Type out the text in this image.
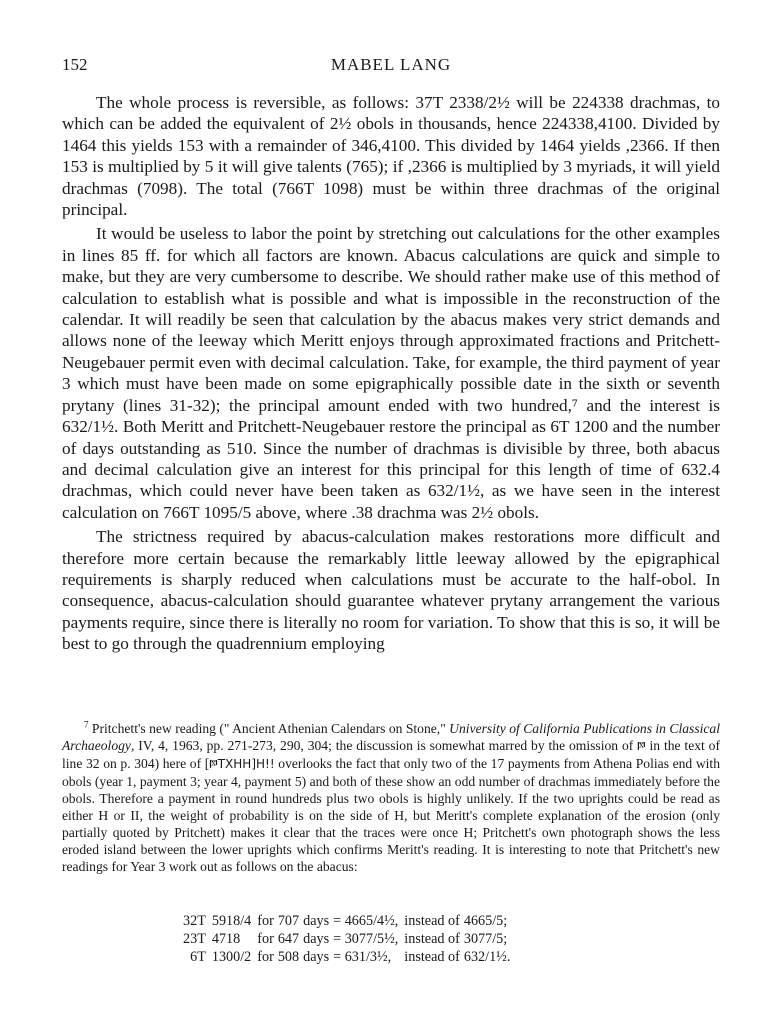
152	MABEL LANG

The whole process is reversible, as follows: 37T 2338/2½ will be 224338 drachmas, to which can be added the equivalent of 2½ obols in thousands, hence 224338,4100. Divided by 1464 this yields 153 with a remainder of 346,4100. This divided by 1464 yields ,2366. If then 153 is multiplied by 5 it will give talents (765); if ,2366 is multiplied by 3 myriads, it will yield drachmas (7098). The total (766T 1098) must be within three drachmas of the original principal.

It would be useless to labor the point by stretching out calculations for the other examples in lines 85 ff. for which all factors are known. Abacus calculations are quick and simple to make, but they are very cumbersome to describe. We should rather make use of this method of calculation to establish what is possible and what is impossible in the reconstruction of the calendar. It will readily be seen that calculation by the abacus makes very strict demands and allows none of the leeway which Meritt enjoys through approximated fractions and Pritchett-Neugebauer permit even with decimal calculation. Take, for example, the third payment of year 3 which must have been made on some epigraphically possible date in the sixth or seventh prytany (lines 31-32); the principal amount ended with two hundred,⁷ and the interest is 632/1½. Both Meritt and Pritchett-Neugebauer restore the principal as 6T 1200 and the number of days outstanding as 510. Since the number of drachmas is divisible by three, both abacus and decimal calculation give an interest for this principal for this length of time of 632.4 drachmas, which could never have been taken as 632/1½, as we have seen in the interest calculation on 766T 1095/5 above, where .38 drachma was 2½ obols.

The strictness required by abacus-calculation makes restorations more difficult and therefore more certain because the remarkably little leeway allowed by the epigraphical requirements is sharply reduced when calculations must be accurate to the half-obol. In consequence, abacus-calculation should guarantee whatever prytany arrangement the various payments require, since there is literally no room for variation. To show that this is so, it will be best to go through the quadrennium employing

$^7$ Pritchett's new reading (" Ancient Athenian Calendars on Stone," University of California Publications in Classical Archaeology, IV, 4, 1963, pp. 271-273, 290, 304; the discussion is somewhat marred by the omission of 𐅆 in the text of line 32 on p. 304) here of [𐅆TXHH]H!! overlooks the fact that only two of the 17 payments from Athena Polias end with obols (year 1, payment 3; year 4, payment 5) and both of these show an odd number of drachmas immediately before the obols. Therefore a payment in round hundreds plus two obols is highly unlikely. If the two uprights could be read as either H or II, the weight of probability is on the side of H, but Meritt's complete explanation of the erosion (only partially quoted by Pritchett) makes it clear that the traces were once H; Pritchett's own photograph shows the less eroded island between the lower uprights which confirms Meritt's reading. It is interesting to note that Pritchett's new readings for Year 3 work out as follows on the abacus:
32T	5918/4	for	707	days	= 4665/4½,	instead of	4665/5;
23T	4718	for	647	days	= 3077/5½,	instead of	3077/5;
6T	1300/2	for	508	days	= 631/3½,	instead of	632/1½.
